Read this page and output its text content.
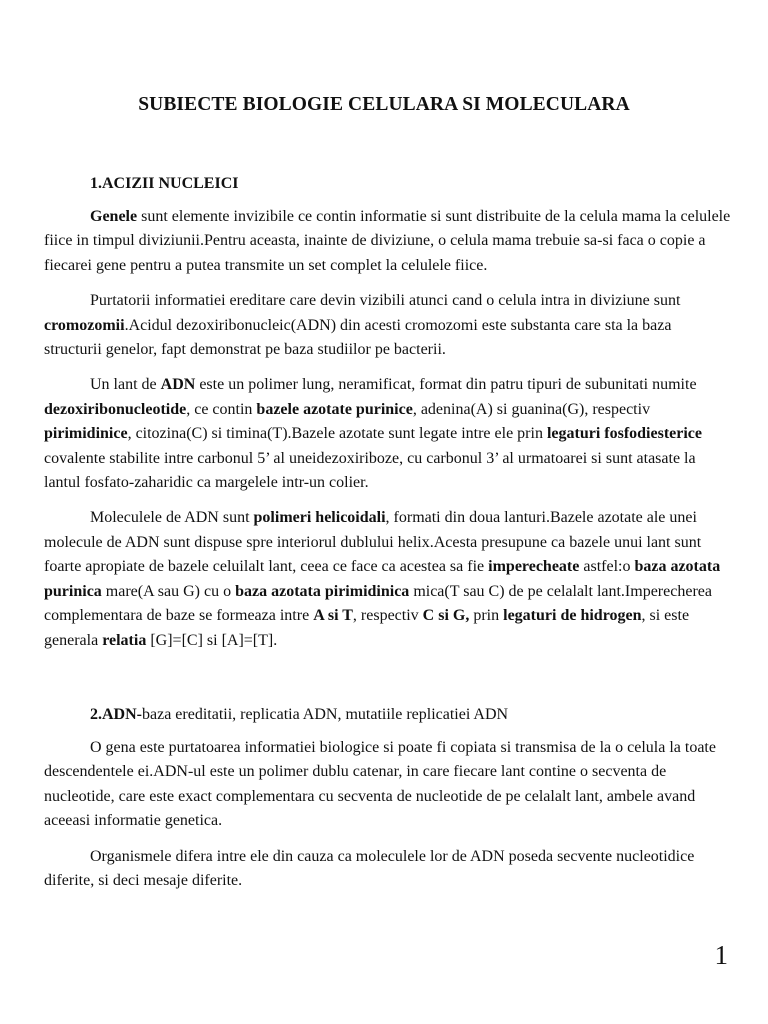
SUBIECTE BIOLOGIE CELULARA SI MOLECULARA

1.ACIZII NUCLEICI

Genele sunt elemente invizibile ce contin informatie si sunt distribuite de la celula mama la celulele fiice in timpul diviziunii.Pentru aceasta, inainte de diviziune, o celula mama trebuie sa-si faca o copie a fiecarei gene pentru a putea transmite un set complet la celulele fiice.

Purtatorii informatiei ereditare care devin vizibili atunci cand o celula intra in diviziune sunt cromozomii.Acidul dezoxiribonucleic(ADN) din acesti cromozomi este substanta care sta la baza structurii genelor, fapt demonstrat pe baza studiilor pe bacterii.

Un lant de ADN este un polimer lung, neramificat, format din patru tipuri de subunitati numite dezoxiribonucleotide, ce contin bazele azotate purinice, adenina(A) si guanina(G), respectiv pirimidinice, citozina(C) si timina(T).Bazele azotate sunt legate intre ele prin legaturi fosfodiesterice covalente stabilite intre carbonul 5’ al uneidezoxiriboze, cu carbonul 3’ al urmatoarei si sunt atasate la lantul fosfato-zaharidic ca margelele intr-un colier.

Moleculele de ADN sunt polimeri helicoidali, formati din doua lanturi.Bazele azotate ale unei molecule de ADN sunt dispuse spre interiorul dublului helix.Acesta presupune ca bazele unui lant sunt foarte apropiate de bazele celuilalt lant, ceea ce face ca acestea sa fie imperecheate astfel:o baza azotata purinica mare(A sau G) cu o baza azotata pirimidinica mica(T sau C) de pe celalalt lant.Imperecherea complementara de baze se formeaza intre A si T, respectiv C si G, prin legaturi de hidrogen, si este generala relatia [G]=[C] si [A]=[T].

2.ADN-baza ereditatii, replicatia ADN, mutatiile replicatiei ADN

O gena este purtatoarea informatiei biologice si poate fi copiata si transmisa de la o celula la toate descendentele ei.ADN-ul este un polimer dublu catenar, in care fiecare lant contine o secventa de nucleotide, care este exact complementara cu secventa de nucleotide de pe celalalt lant, ambele avand aceeasi informatie genetica.

Organismele difera intre ele din cauza ca moleculele lor de ADN poseda secvente nucleotidice diferite, si deci mesaje diferite.

1
